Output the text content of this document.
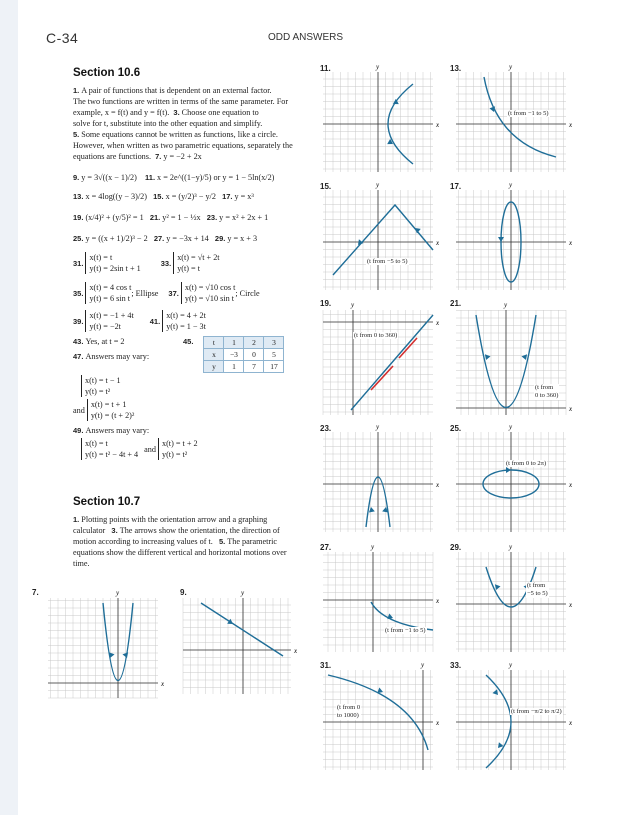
C-34	ODD ANSWERS
Section 10.6
1. A pair of functions that is dependent on an external factor.
The two functions are written in terms of the same parameter. For
example, x = f(t) and y = f(t). 3. Choose one equation to
solve for t, substitute into the other equation and simplify.
5. Some equations cannot be written as functions, like a circle.
However, when written as two parametric equations, separately the
equations are functions. 7. y = −2 + 2x
9. y = 3√((x − 1)/2) 11. x = 2e^((1−y)/5) or y = 1 − 5ln(x/2)
13. x = 4log((y − 3)/2) 15. x = (y/2)³ − y/2 17. y = x³
19. (x/4)² + (y/5)² = 1 21. y² = 1 − ½x 23. y = x² + 2x + 1
25. y = ((x + 1)/2)³ − 2 27. y = −3x + 14 29. y = x + 3
31.
x(t) = t
y(t) = 2sin t + 1
33.
x(t) = √t + 2t
y(t) = t
35.
x(t) = 4 cos t
y(t) = 6 sin t
; Ellipse 37.
x(t) = √10 cos t
y(t) = √10 sin t
; Circle
39.
x(t) = −1 + 4t
y(t) = −2t
41.
x(t) = 4 + 2t
y(t) = 1 − 3t
43. Yes, at t = 2

47. Answers may vary:
45.	t	1	2	3
x	−3	0	5
y	1	7	17
x(t) = t − 1
y(t) = t²
and
x(t) = t + 1
y(t) = (t + 2)²
49. Answers may vary:
x(t) = t
y(t) = t² − 4t + 4
and
x(t) = t + 2
y(t) = t²
Section 10.7
1. Plotting points with the orientation arrow and a graphing
calculator 3. The arrows show the orientation, the direction of
motion according to increasing values of t. 5. The parametric
equations show the different vertical and horizontal motions over
time.
7.	9.
11.	13.
15.	17.
19.	21.
23.	25.
27.	29.
31.	33.
x
y
x
y
x
y
x
y
x
y
x
y
x
y
x
y
x
y
x
y
x
y
x
y
x
y
x
y
(t from −1 to 5)
(t from −5 to 5)
(t from 0 to 360)
(t from
0 to 360)
(t from 0 to 2π)
(t from −1 to 5)
(t from
−5 to 5)
(t from 0
to 1000)
(t from −π/2 to π/2)
